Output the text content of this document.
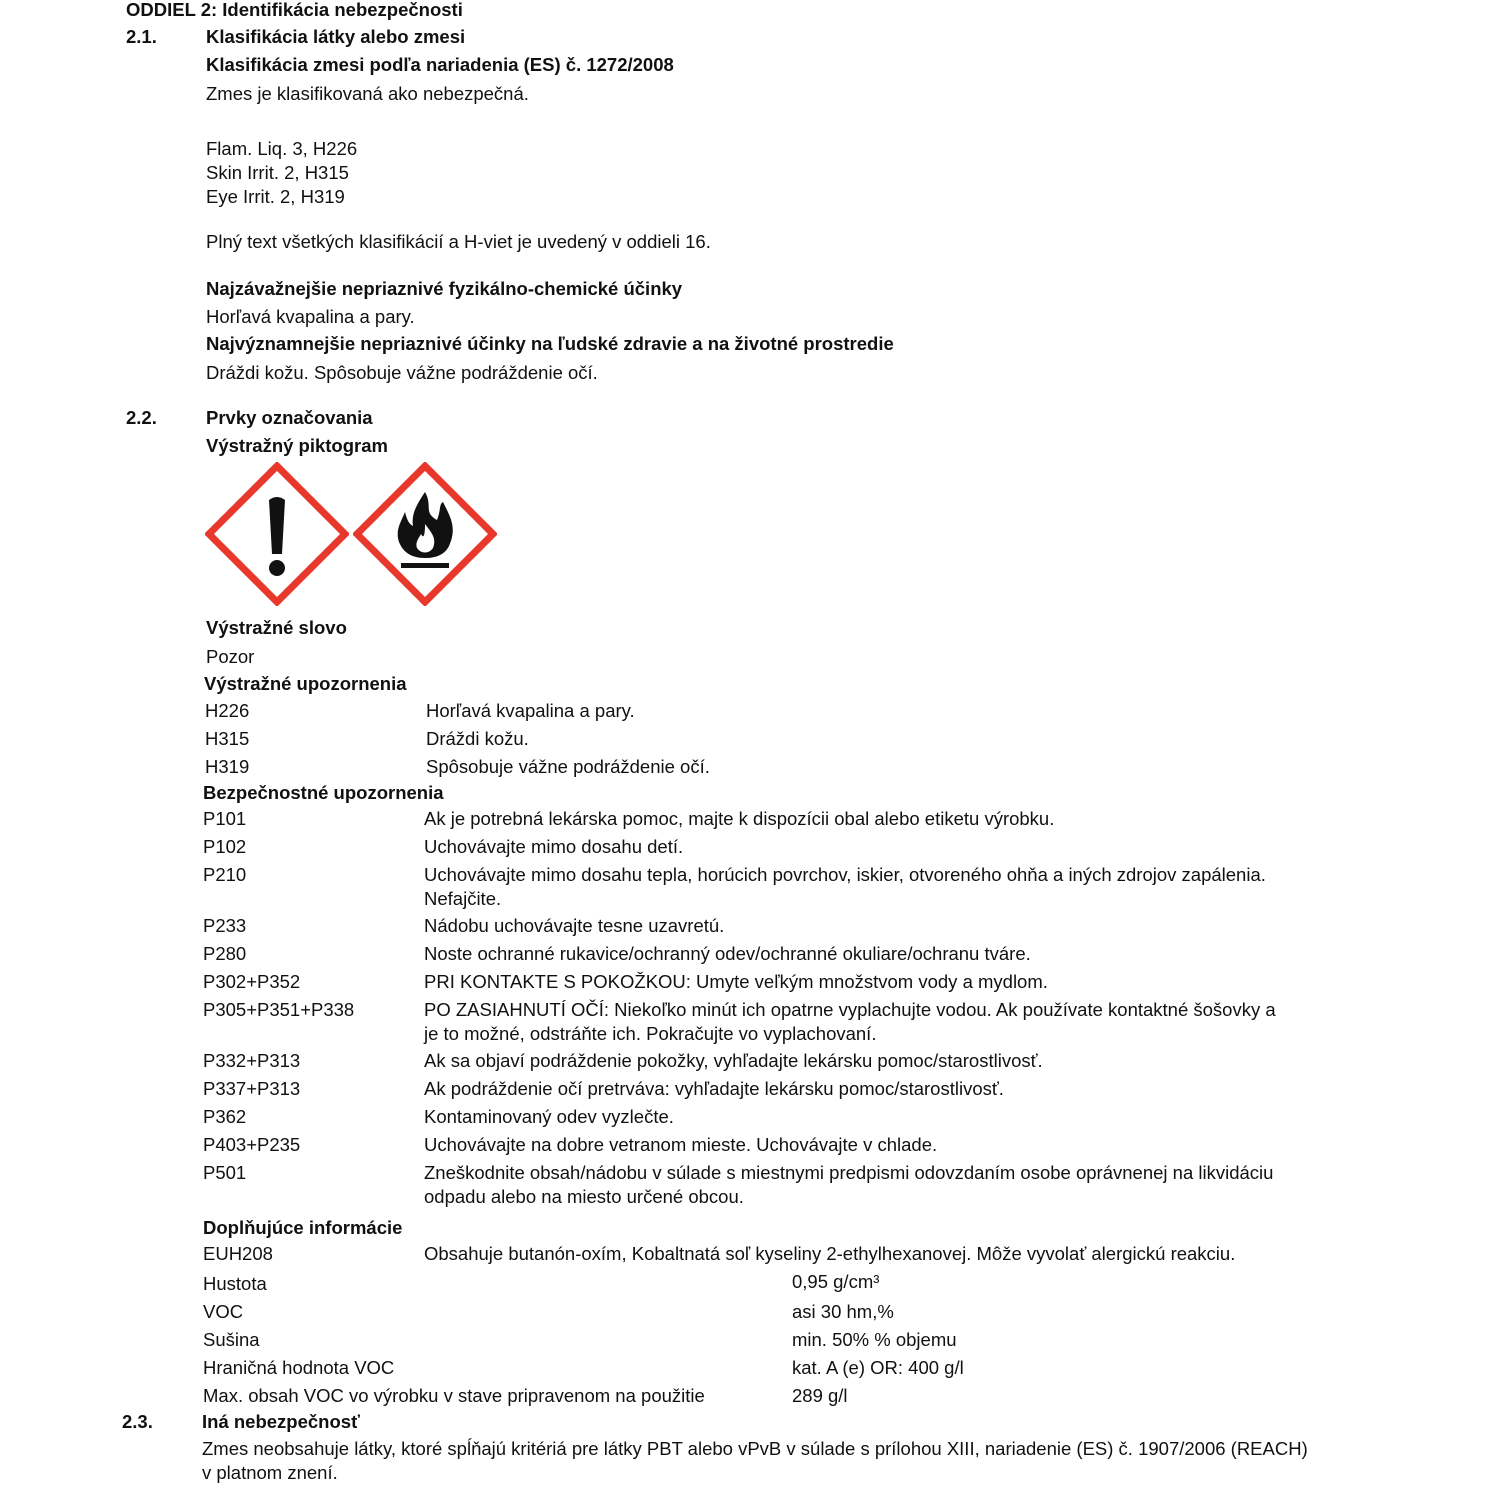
ODDIEL 2: Identifikácia nebezpečnosti
2.1.	Klasifikácia látky alebo zmesi
Klasifikácia zmesi podľa nariadenia (ES) č. 1272/2008
Zmes je klasifikovaná ako nebezpečná.
Flam. Liq. 3, H226
Skin Irrit. 2, H315
Eye Irrit. 2, H319
Plný text všetkých klasifikácií a H-viet je uvedený v oddieli 16.
Najzávažnejšie nepriaznivé fyzikálno-chemické účinky
Horľavá kvapalina a pary.
Najvýznamnejšie nepriaznivé účinky na ľudské zdravie a na životné prostredie
Dráždi kožu. Spôsobuje vážne podráždenie očí.
2.2.	Prvky označovania
Výstražný piktogram
Výstražné slovo
Pozor
Výstražné upozornenia
H226	Horľavá kvapalina a pary.
H315	Dráždi kožu.
H319	Spôsobuje vážne podráždenie očí.
Bezpečnostné upozornenia
P101	Ak je potrebná lekárska pomoc, majte k dispozícii obal alebo etiketu výrobku.
P102	Uchovávajte mimo dosahu detí.
P210	Uchovávajte mimo dosahu tepla, horúcich povrchov, iskier, otvoreného ohňa a iných zdrojov zapálenia.
Nefajčite.
P233	Nádobu uchovávajte tesne uzavretú.
P280	Noste ochranné rukavice/ochranný odev/ochranné okuliare/ochranu tváre.
P302+P352	PRI KONTAKTE S POKOŽKOU: Umyte veľkým množstvom vody a mydlom.
P305+P351+P338	PO ZASIAHNUTÍ OČÍ: Niekoľko minút ich opatrne vyplachujte vodou. Ak používate kontaktné šošovky a
je to možné, odstráňte ich. Pokračujte vo vyplachovaní.
P332+P313	Ak sa objaví podráždenie pokožky, vyhľadajte lekársku pomoc/starostlivosť.
P337+P313	Ak podráždenie očí pretrváva: vyhľadajte lekársku pomoc/starostlivosť.
P362	Kontaminovaný odev vyzlečte.
P403+P235	Uchovávajte na dobre vetranom mieste. Uchovávajte v chlade.
P501	Zneškodnite obsah/nádobu v súlade s miestnymi predpismi odovzdaním osobe oprávnenej na likvidáciu
odpadu alebo na miesto určené obcou.
Doplňujúce informácie
EUH208	Obsahuje butanón-oxím, Kobaltnatá soľ kyseliny 2-ethylhexanovej. Môže vyvolať alergickú reakciu.
Hustota	0,95 g/cm³
VOC	asi 30 hm,%
Sušina	min. 50% % objemu
Hraničná hodnota VOC	kat. A (e) OR: 400 g/l
Max. obsah VOC vo výrobku v stave pripravenom na použitie	289 g/l
2.3.	Iná nebezpečnosť
Zmes neobsahuje látky, ktoré spĺňajú kritériá pre látky PBT alebo vPvB v súlade s prílohou XIII, nariadenie (ES) č. 1907/2006 (REACH)
v platnom znení.
